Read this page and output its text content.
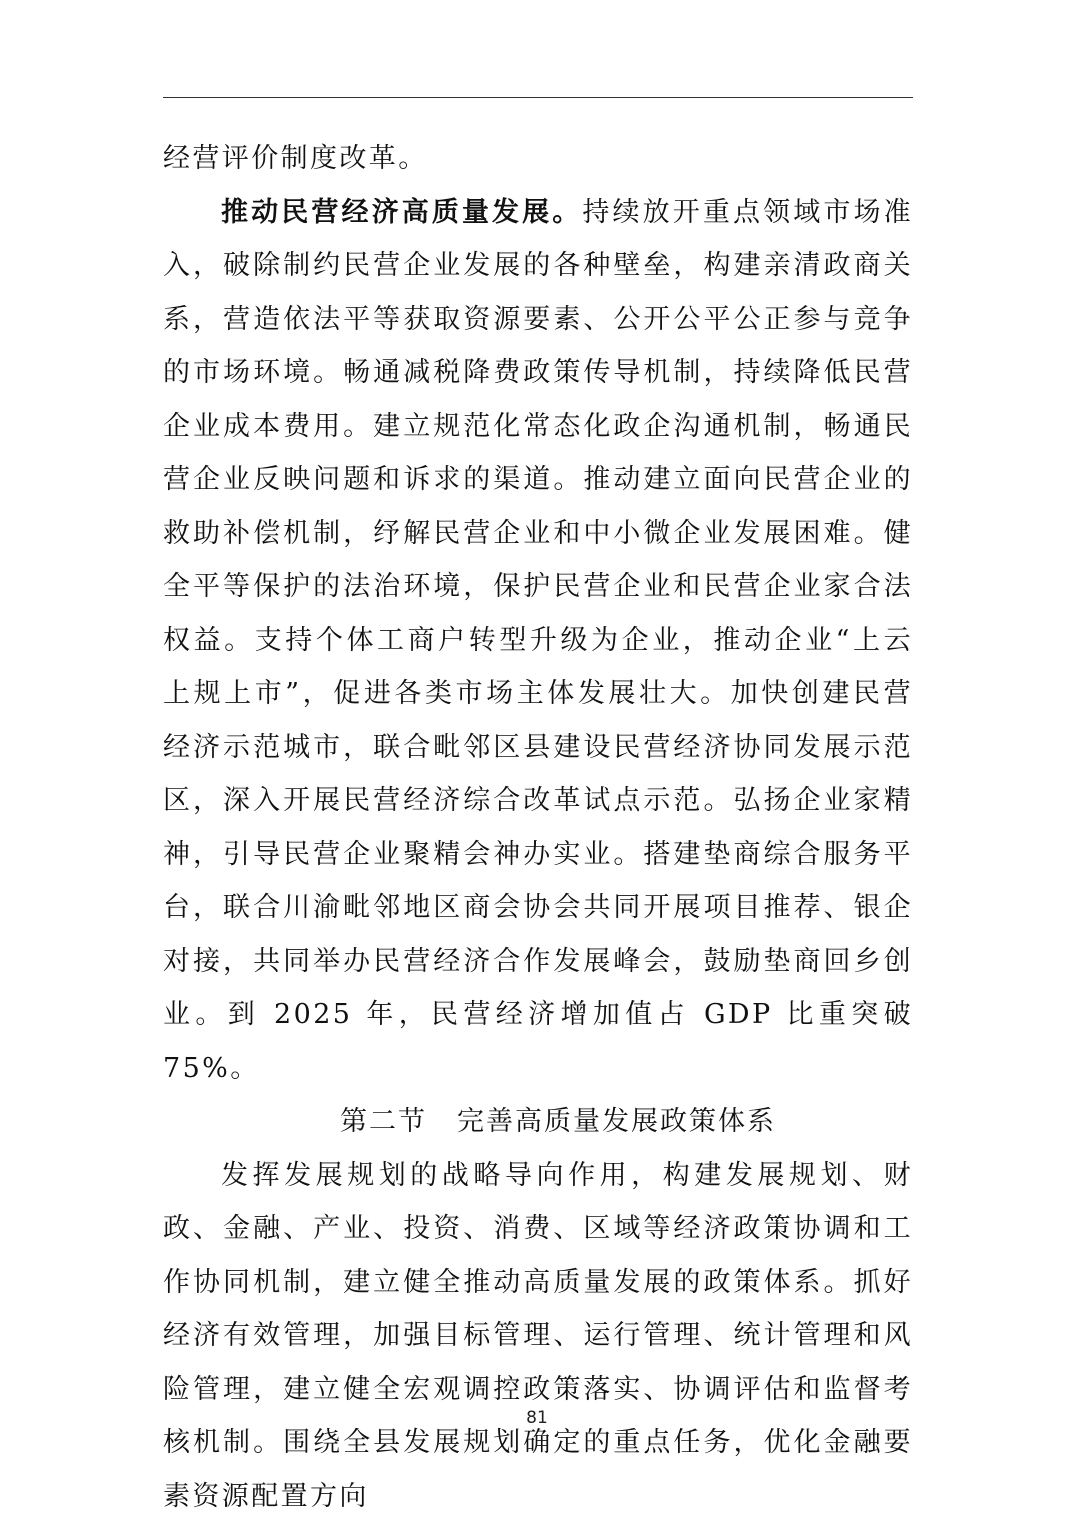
经营评价制度改革。

推动民营经济高质量发展。持续放开重点领域市场准入，破除制约民营企业发展的各种壁垒，构建亲清政商关系，营造依法平等获取资源要素、公开公平公正参与竞争的市场环境。畅通减税降费政策传导机制，持续降低民营企业成本费用。建立规范化常态化政企沟通机制，畅通民营企业反映问题和诉求的渠道。推动建立面向民营企业的救助补偿机制，纾解民营企业和中小微企业发展困难。健全平等保护的法治环境，保护民营企业和民营企业家合法权益。支持个体工商户转型升级为企业，推动企业“上云上规上市”，促进各类市场主体发展壮大。加快创建民营经济示范城市，联合毗邻区县建设民营经济协同发展示范区，深入开展民营经济综合改革试点示范。弘扬企业家精神，引导民营企业聚精会神办实业。搭建垫商综合服务平台，联合川渝毗邻地区商会协会共同开展项目推荐、银企对接，共同举办民营经济合作发展峰会，鼓励垫商回乡创业。到 2025 年，民营经济增加值占 GDP 比重突破 75%。

第二节 完善高质量发展政策体系

发挥发展规划的战略导向作用，构建发展规划、财政、金融、产业、投资、消费、区域等经济政策协调和工作协同机制，建立健全推动高质量发展的政策体系。抓好经济有效管理，加强目标管理、运行管理、统计管理和风险管理，建立健全宏观调控政策落实、协调评估和监督考核机制。围绕全县发展规划确定的重点任务，优化金融要素资源配置方向

81
